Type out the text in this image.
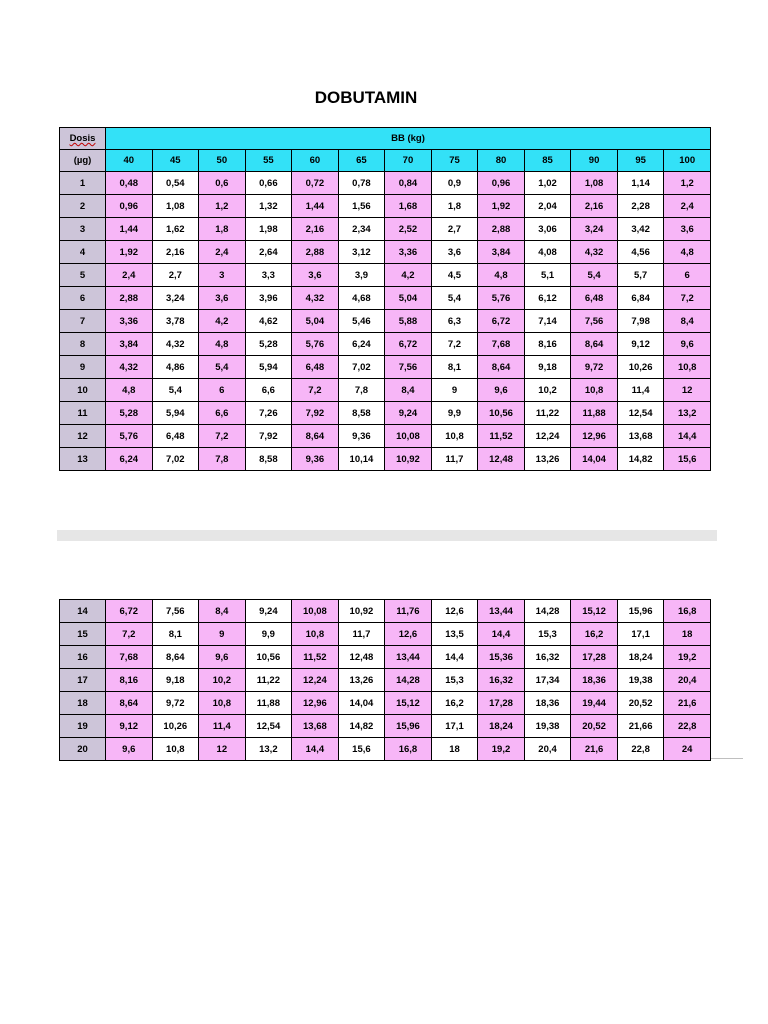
DOBUTAMIN
Dosis	BB (kg)												
(µg)	40	45	50	55	60	65	70	75	80	85	90	95	100
1	0,48	0,54	0,6	0,66	0,72	0,78	0,84	0,9	0,96	1,02	1,08	1,14	1,2
2	0,96	1,08	1,2	1,32	1,44	1,56	1,68	1,8	1,92	2,04	2,16	2,28	2,4
3	1,44	1,62	1,8	1,98	2,16	2,34	2,52	2,7	2,88	3,06	3,24	3,42	3,6
4	1,92	2,16	2,4	2,64	2,88	3,12	3,36	3,6	3,84	4,08	4,32	4,56	4,8
5	2,4	2,7	3	3,3	3,6	3,9	4,2	4,5	4,8	5,1	5,4	5,7	6
6	2,88	3,24	3,6	3,96	4,32	4,68	5,04	5,4	5,76	6,12	6,48	6,84	7,2
7	3,36	3,78	4,2	4,62	5,04	5,46	5,88	6,3	6,72	7,14	7,56	7,98	8,4
8	3,84	4,32	4,8	5,28	5,76	6,24	6,72	7,2	7,68	8,16	8,64	9,12	9,6
9	4,32	4,86	5,4	5,94	6,48	7,02	7,56	8,1	8,64	9,18	9,72	10,26	10,8
10	4,8	5,4	6	6,6	7,2	7,8	8,4	9	9,6	10,2	10,8	11,4	12
11	5,28	5,94	6,6	7,26	7,92	8,58	9,24	9,9	10,56	11,22	11,88	12,54	13,2
12	5,76	6,48	7,2	7,92	8,64	9,36	10,08	10,8	11,52	12,24	12,96	13,68	14,4
13	6,24	7,02	7,8	8,58	9,36	10,14	10,92	11,7	12,48	13,26	14,04	14,82	15,6
14	6,72	7,56	8,4	9,24	10,08	10,92	11,76	12,6	13,44	14,28	15,12	15,96	16,8
15	7,2	8,1	9	9,9	10,8	11,7	12,6	13,5	14,4	15,3	16,2	17,1	18
16	7,68	8,64	9,6	10,56	11,52	12,48	13,44	14,4	15,36	16,32	17,28	18,24	19,2
17	8,16	9,18	10,2	11,22	12,24	13,26	14,28	15,3	16,32	17,34	18,36	19,38	20,4
18	8,64	9,72	10,8	11,88	12,96	14,04	15,12	16,2	17,28	18,36	19,44	20,52	21,6
19	9,12	10,26	11,4	12,54	13,68	14,82	15,96	17,1	18,24	19,38	20,52	21,66	22,8
20	9,6	10,8	12	13,2	14,4	15,6	16,8	18	19,2	20,4	21,6	22,8	24
